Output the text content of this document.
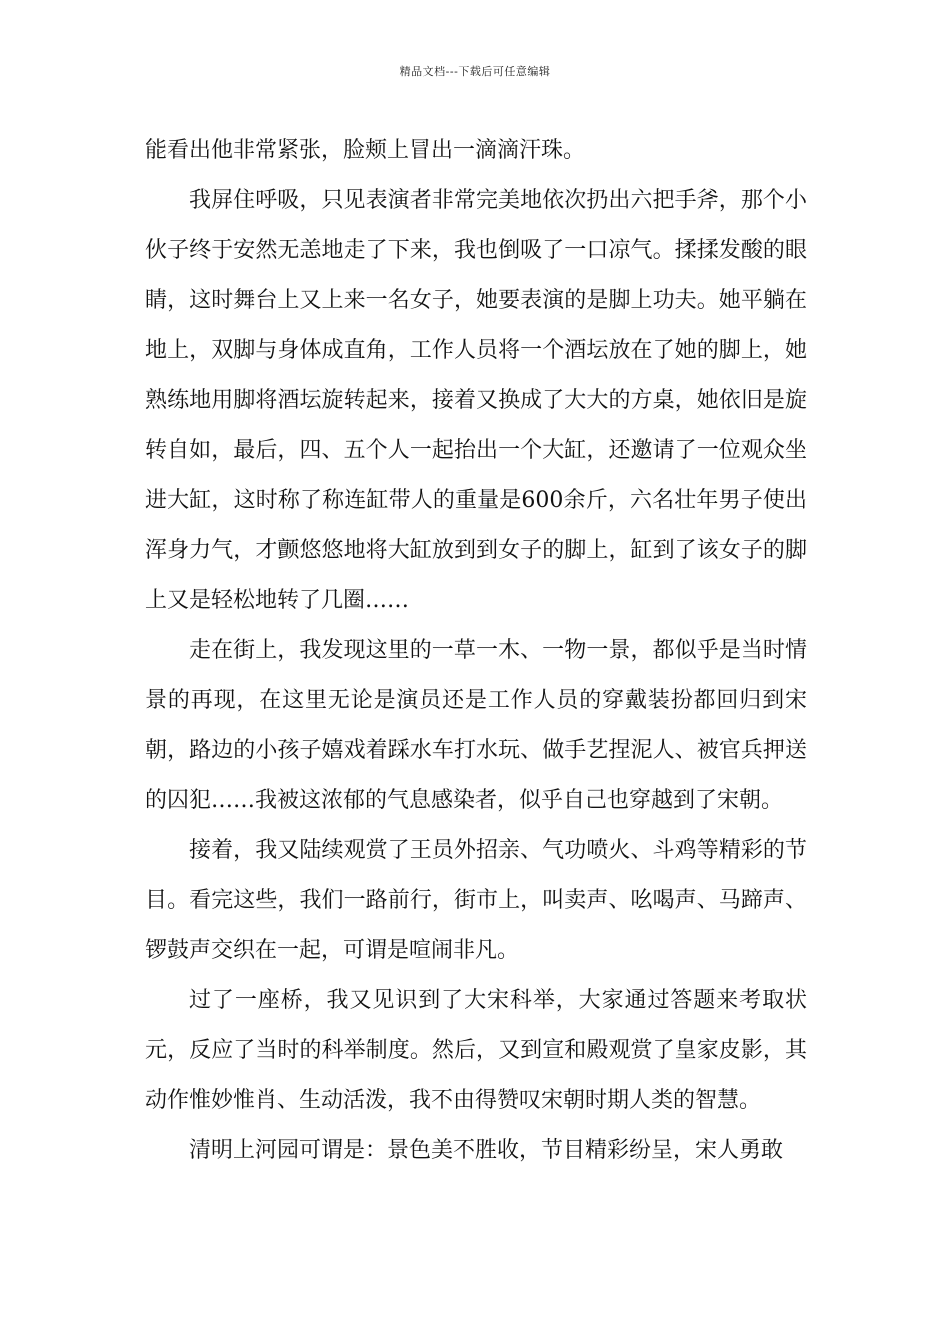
精品文档---下载后可任意编辑

能看出他非常紧张，脸颊上冒出一滴滴汗珠。

我屏住呼吸，只见表演者非常完美地依次扔出六把手斧，那个小伙子终于安然无恙地走了下来，我也倒吸了一口凉气。揉揉发酸的眼睛，这时舞台上又上来一名女子，她要表演的是脚上功夫。她平躺在地上，双脚与身体成直角，工作人员将一个酒坛放在了她的脚上，她熟练地用脚将酒坛旋转起来，接着又换成了大大的方桌，她依旧是旋转自如，最后，四、五个人一起抬出一个大缸，还邀请了一位观众坐进大缸，这时称了称连缸带人的重量是600余斤，六名壮年男子使出浑身力气，才颤悠悠地将大缸放到到女子的脚上，缸到了该女子的脚上又是轻松地转了几圈……

走在街上，我发现这里的一草一木、一物一景，都似乎是当时情景的再现，在这里无论是演员还是工作人员的穿戴装扮都回归到宋朝，路边的小孩子嬉戏着踩水车打水玩、做手艺捏泥人、被官兵押送的囚犯……我被这浓郁的气息感染者，似乎自己也穿越到了宋朝。

接着，我又陆续观赏了王员外招亲、气功喷火、斗鸡等精彩的节目。看完这些，我们一路前行，街市上，叫卖声、吆喝声、马蹄声、锣鼓声交织在一起，可谓是喧闹非凡。

过了一座桥，我又见识到了大宋科举，大家通过答题来考取状元，反应了当时的科举制度。然后，又到宣和殿观赏了皇家皮影，其动作惟妙惟肖、生动活泼，我不由得赞叹宋朝时期人类的智慧。

清明上河园可谓是：景色美不胜收，节目精彩纷呈，宋人勇敢
